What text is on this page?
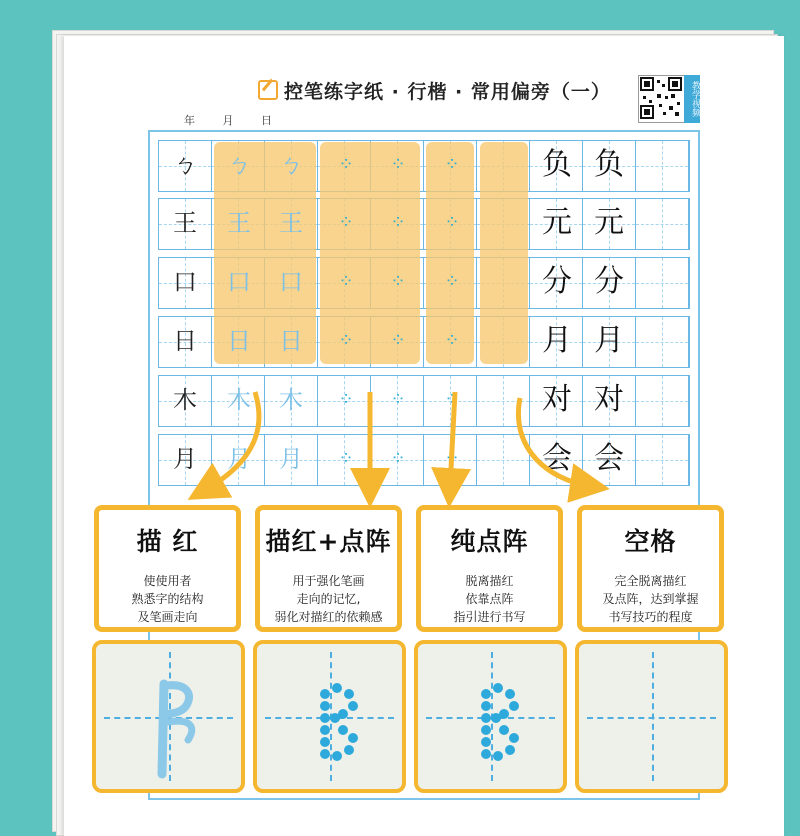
控笔练字纸 · 行楷 · 常用偏旁（一）	教学视频
年	月	日
ㄅ	ㄅ	ㄅ	⁘	⁘	⁘	负 负
王	王	王	⁘	⁘	⁘	元 元
口	口	口	⁘	⁘	⁘	分 分
日	日	日	⁘	⁘	⁘	月 月
木	木	木	⁘	⁘	⁘	对 对
月	月	月	⁘	⁘	⁘	会 会
描 红
使使用者
熟悉字的结构
及笔画走向
描红+点阵
用于强化笔画
走向的记忆,
弱化对描红的依赖感
纯点阵
脱离描红
依靠点阵
指引进行书写
空格
完全脱离描红
及点阵，达到掌握
书写技巧的程度
